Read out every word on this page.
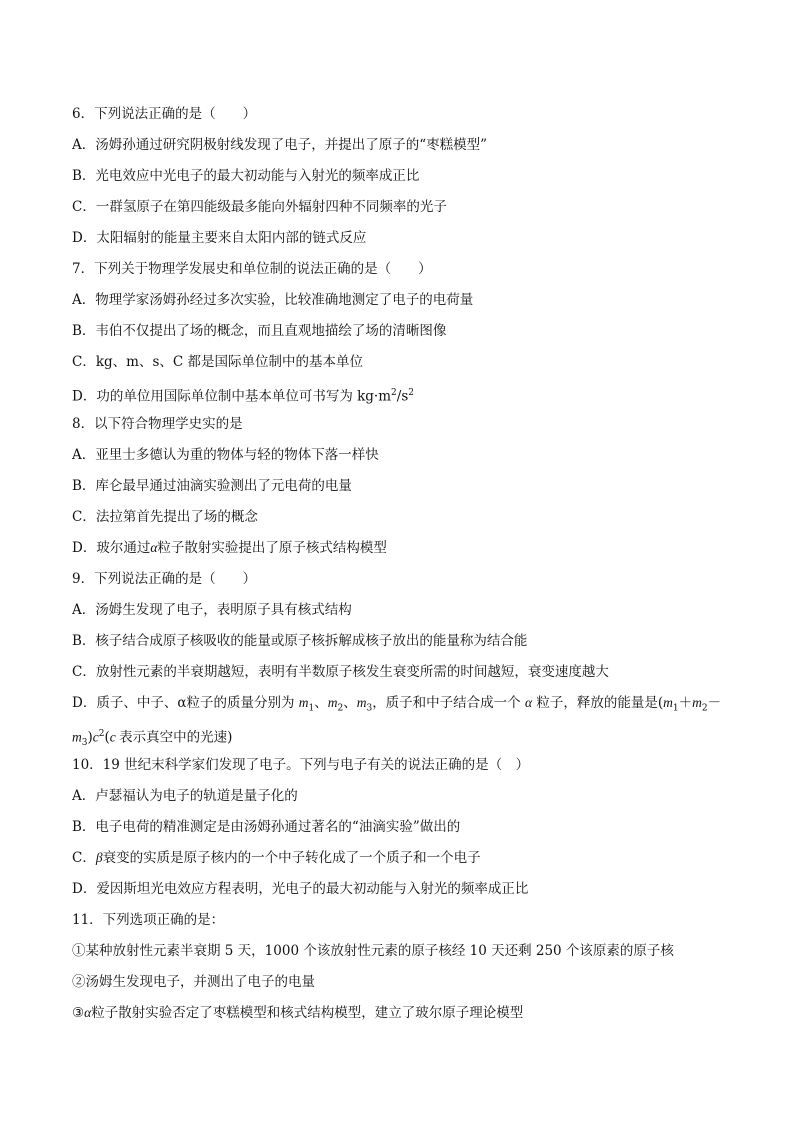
6．下列说法正确的是（　　）
A．汤姆孙通过研究阴极射线发现了电子，并提出了原子的“枣糕模型”
B．光电效应中光电子的最大初动能与入射光的频率成正比
C．一群氢原子在第四能级最多能向外辐射四种不同频率的光子
D．太阳辐射的能量主要来自太阳内部的链式反应
7．下列关于物理学发展史和单位制的说法正确的是（　　）
A．物理学家汤姆孙经过多次实验，比较准确地测定了电子的电荷量
B．韦伯不仅提出了场的概念，而且直观地描绘了场的清晰图像
C．kg、m、s、C 都是国际单位制中的基本单位
D．功的单位用国际单位制中基本单位可书写为 $kg\cdot m^2/s^2$
8．以下符合物理学史实的是
A．亚里士多德认为重的物体与轻的物体下落一样快
B．库仑最早通过油滴实验测出了元电荷的电量
C．法拉第首先提出了场的概念
D．玻尔通过α粒子散射实验提出了原子核式结构模型
9．下列说法正确的是（　　）
A．汤姆生发现了电子，表明原子具有核式结构
B．核子结合成原子核吸收的能量或原子核拆解成核子放出的能量称为结合能
C．放射性元素的半衰期越短，表明有半数原子核发生衰变所需的时间越短，衰变速度越大
D．质子、中子、α粒子的质量分别为 $m_1$、$m_2$、$m_3$，质子和中子结合成一个 α 粒子，释放的能量是($m_1+m_2-$
$m_3)c^2(c$ 表示真空中的光速)
10．19 世纪末科学家们发现了电子。下列与电子有关的说法正确的是（　）
A．卢瑟福认为电子的轨道是量子化的
B．电子电荷的精准测定是由汤姆孙通过著名的“油滴实验”做出的
C．β衰变的实质是原子核内的一个中子转化成了一个质子和一个电子
D．爱因斯坦光电效应方程表明，光电子的最大初动能与入射光的频率成正比
11．下列选项正确的是：
①某种放射性元素半衰期 5 天，1000 个该放射性元素的原子核经 10 天还剩 250 个该原素的原子核
②汤姆生发现电子，并测出了电子的电量
③α粒子散射实验否定了枣糕模型和核式结构模型，建立了玻尔原子理论模型
